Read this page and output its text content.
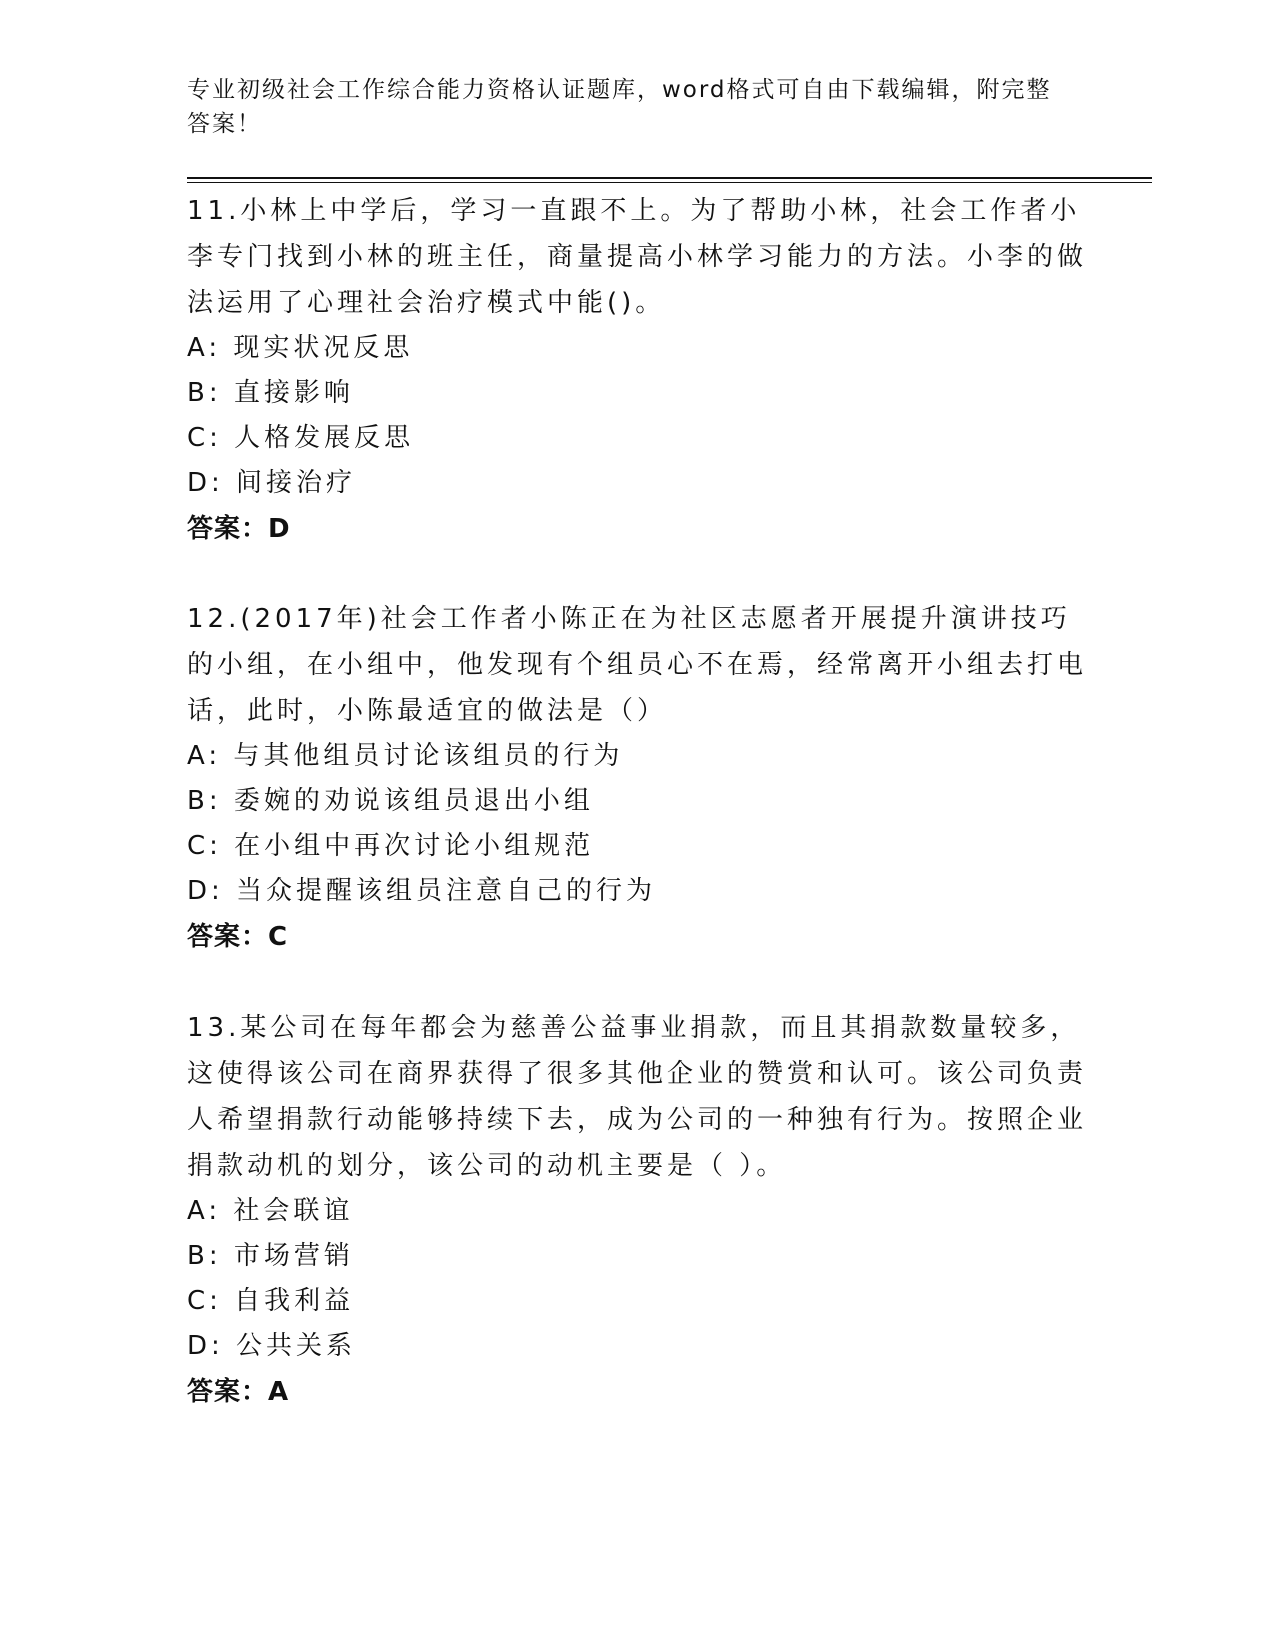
专业初级社会工作综合能力资格认证题库，word格式可自由下载编辑，附完整答案！

11.小林上中学后，学习一直跟不上。为了帮助小林，社会工作者小李专门找到小林的班主任，商量提高小林学习能力的方法。小李的做法运用了心理社会治疗模式中能()。

A: 现实状况反思

B: 直接影响

C: 人格发展反思

D: 间接治疗

答案：D

12.(2017年)社会工作者小陈正在为社区志愿者开展提升演讲技巧的小组，在小组中，他发现有个组员心不在焉，经常离开小组去打电话，此时，小陈最适宜的做法是（）

A: 与其他组员讨论该组员的行为

B: 委婉的劝说该组员退出小组

C: 在小组中再次讨论小组规范

D: 当众提醒该组员注意自己的行为

答案：C

13.某公司在每年都会为慈善公益事业捐款，而且其捐款数量较多，这使得该公司在商界获得了很多其他企业的赞赏和认可。该公司负责人希望捐款行动能够持续下去，成为公司的一种独有行为。按照企业捐款动机的划分，该公司的动机主要是（ ）。

A: 社会联谊

B: 市场营销

C: 自我利益

D: 公共关系

答案：A
